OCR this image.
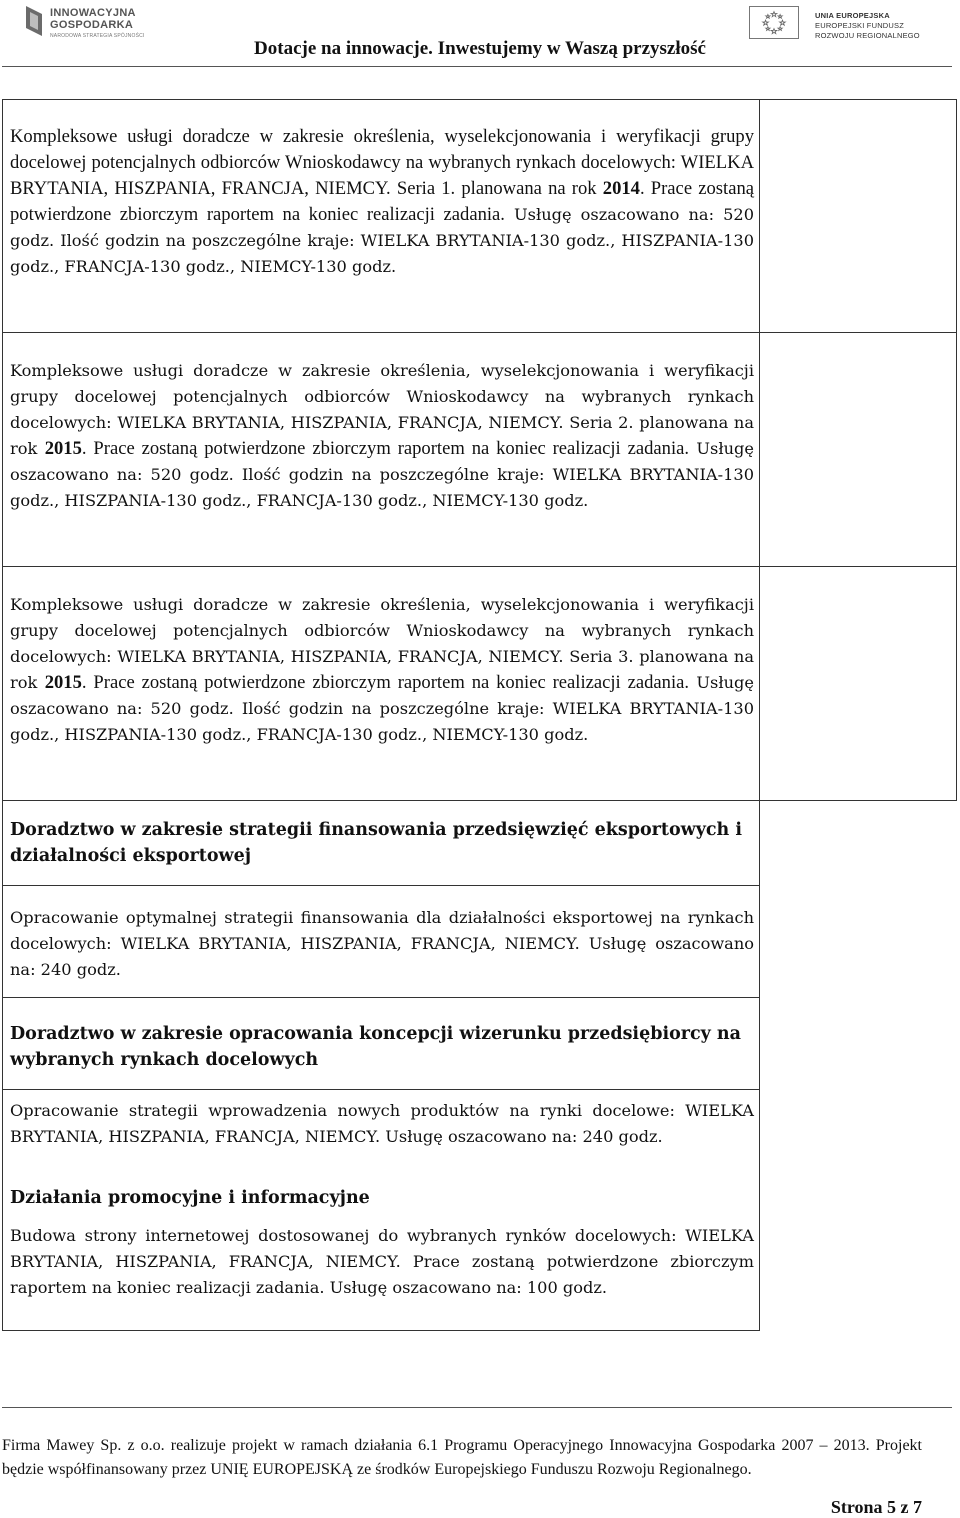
INNOWACYJNA
GOSPODARKA
NARODOWA STRATEGIA SPÓJNOŚCI
UNIA EUROPEJSKA
EUROPEJSKI FUNDUSZ
ROZWOJU REGIONALNEGO
Dotacje na innowacje. Inwestujemy w Waszą przyszłość
Kompleksowe usługi doradcze w zakresie określenia, wyselekcjonowania i weryfikacji grupy docelowej potencjalnych odbiorców Wnioskodawcy na wybranych rynkach docelowych: WIELKA BRYTANIA, HISZPANIA, FRANCJA, NIEMCY. Seria 1. planowana na rok 2014. Prace zostaną potwierdzone zbiorczym raportem na koniec realizacji zadania. Usługę oszacowano na: 520 godz. Ilość godzin na poszczególne kraje: WIELKA BRYTANIA-130 godz., HISZPANIA-130 godz., FRANCJA-130 godz., NIEMCY-130 godz.
Kompleksowe usługi doradcze w zakresie określenia, wyselekcjonowania i weryfikacji grupy docelowej potencjalnych odbiorców Wnioskodawcy na wybranych rynkach docelowych: WIELKA BRYTANIA, HISZPANIA, FRANCJA, NIEMCY. Seria 2. planowana na rok 2015. Prace zostaną potwierdzone zbiorczym raportem na koniec realizacji zadania. Usługę oszacowano na: 520 godz. Ilość godzin na poszczególne kraje: WIELKA BRYTANIA-130 godz., HISZPANIA-130 godz., FRANCJA-130 godz., NIEMCY-130 godz.
Kompleksowe usługi doradcze w zakresie określenia, wyselekcjonowania i weryfikacji grupy docelowej potencjalnych odbiorców Wnioskodawcy na wybranych rynkach docelowych: WIELKA BRYTANIA, HISZPANIA, FRANCJA, NIEMCY. Seria 3. planowana na rok 2015. Prace zostaną potwierdzone zbiorczym raportem na koniec realizacji zadania. Usługę oszacowano na: 520 godz. Ilość godzin na poszczególne kraje: WIELKA BRYTANIA-130 godz., HISZPANIA-130 godz., FRANCJA-130 godz., NIEMCY-130 godz.
Doradztwo w zakresie strategii finansowania przedsięwzięć eksportowych i działalności eksportowej
Opracowanie optymalnej strategii finansowania dla działalności eksportowej na rynkach docelowych: WIELKA BRYTANIA, HISZPANIA, FRANCJA, NIEMCY. Usługę oszacowano na: 240 godz.
Doradztwo w zakresie opracowania koncepcji wizerunku przedsiębiorcy na wybranych rynkach docelowych
Opracowanie strategii wprowadzenia nowych produktów na rynki docelowe: WIELKA BRYTANIA, HISZPANIA, FRANCJA, NIEMCY. Usługę oszacowano na: 240 godz.
Działania promocyjne i informacyjne
Budowa strony internetowej dostosowanej do wybranych rynków docelowych: WIELKA BRYTANIA, HISZPANIA, FRANCJA, NIEMCY. Prace zostaną potwierdzone zbiorczym raportem na koniec realizacji zadania. Usługę oszacowano na: 100 godz.
Firma Mawey Sp. z o.o. realizuje projekt w ramach działania 6.1 Programu Operacyjnego Innowacyjna Gospodarka 2007 – 2013. Projekt będzie współfinansowany przez UNIĘ EUROPEJSKĄ ze środków Europejskiego Funduszu Rozwoju Regionalnego.
Strona 5 z 7
